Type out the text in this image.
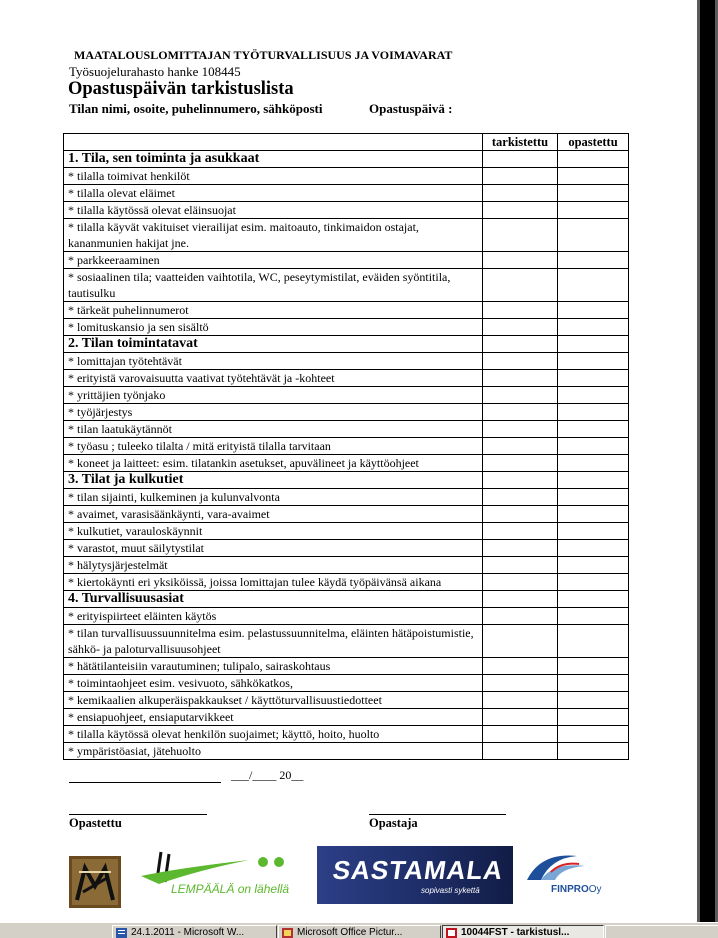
MAATALOUSLOMITTAJAN TYÖTURVALLISUUS JA VOIMAVARAT
Työsuojelurahasto hanke 108445
Opastuspäivän tarkistuslista
Tilan nimi, osoite, puhelinnumero, sähköposti	Opastuspäivä :
	tarkistettu	opastettu
1. Tila, sen toiminta ja asukkaat		
* tilalla toimivat henkilöt		
* tilalla olevat eläimet		
* tilalla käytössä olevat eläinsuojat		
* tilalla käyvät vakituiset vierailijat esim. maitoauto, tinkimaidon ostajat, kananmunien hakijat jne.		
* parkkeeraaminen		
* sosiaalinen tila; vaatteiden vaihtotila, WC, peseytymistilat, eväiden syöntitila, tautisulku		
* tärkeät puhelinnumerot		
* lomituskansio ja sen sisältö		
2. Tilan toimintatavat		
* lomittajan työtehtävät		
* erityistä varovaisuutta vaativat työtehtävät ja -kohteet		
* yrittäjien työnjako		
* työjärjestys		
* tilan laatukäytännöt		
* työasu ; tuleeko tilalta / mitä erityistä tilalla tarvitaan		
* koneet ja laitteet: esim. tilatankin asetukset, apuvälineet ja käyttöohjeet		
3. Tilat ja kulkutiet		
* tilan sijainti, kulkeminen ja kulunvalvonta		
* avaimet, varasisäänkäynti, vara-avaimet		
* kulkutiet, varauloskäynnit		
* varastot, muut säilytystilat		
* hälytysjärjestelmät		
* kiertokäynti eri yksiköissä, joissa lomittajan tulee käydä työpäivänsä aikana		
4. Turvallisuusasiat		
* erityispiirteet eläinten käytös		
* tilan turvallisuussuunnitelma esim. pelastussuunnitelma, eläinten hätäpoistumistie, sähkö- ja paloturvallisuusohjeet		
* hätätilanteisiin varautuminen; tulipalo, sairaskohtaus		
* toimintaohjeet esim. vesivuoto, sähkökatkos,		
* kemikaalien alkuperäispakkaukset / käyttöturvallisuustiedotteet		
* ensiapuohjeet, ensiaputarvikkeet		
* tilalla käytössä olevat henkilön suojaimet; käyttö, hoito, huolto		
* ympäristöasiat, jätehuolto		
___/____ 20__
Opastettu	Opastaja
LEMPÄÄLÄ on lähellä
SASTAMALA
sopivasti sykettä	FINPROOy
24.1.2011 - Microsoft W...	Microsoft Office Pictur...	10044FST - tarkistusl...
